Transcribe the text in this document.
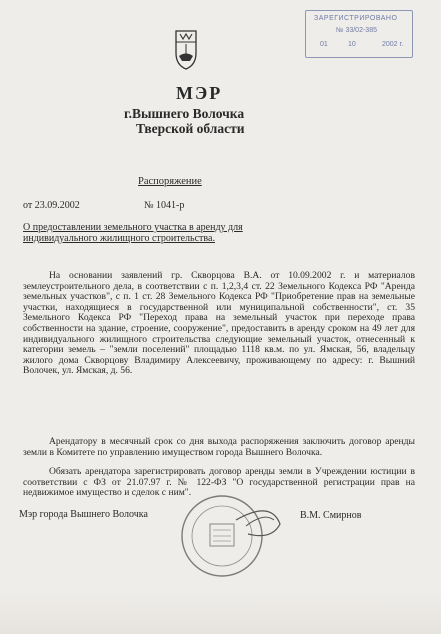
ЗАРЕГИСТРИРОВАНО
№ 33/02-385
01	10	2002 г.
МЭР
г.Вышнего Волочка
Тверской области
Распоряжение
от 23.09.2002	№ 1041-р
О предоставлении земельного участка в аренду для индивидуального жилищного строительства.
На основании заявлений гр. Скворцова В.А. от 10.09.2002 г. и материалов землеустроительного дела, в соответствии с п. 1,2,3,4 ст. 22 Земельного Кодекса РФ "Аренда земельных участков", с п. 1 ст. 28 Земельного Кодекса РФ "Приобретение прав на земельные участки, находящиеся в государственной или муниципальной собственности", ст. 35 Земельного Кодекса РФ "Переход права на земельный участок при переходе права собственности на здание, строение, сооружение", предоставить в аренду сроком на 49 лет для индивидуального жилищного строительства следующие земельный участок, отнесенный к категории земель – "земли поселений" площадью 1118 кв.м. по ул. Ямская, 56, владельцу жилого дома Скворцову Владимиру Алексеевичу, проживающему по адресу: г. Вышний Волочек, ул. Ямская, д. 56.
Арендатору в месячный срок со дня выхода распоряжения заключить договор аренды земли в Комитете по управлению имуществом города Вышнего Волочка.
Обязать арендатора зарегистрировать договор аренды земли в Учреждении юстиции в соответствии с ФЗ от 21.07.97 г. № 122-ФЗ "О государственной регистрации прав на недвижимое имущество и сделок с ним".
Мэр города Вышнего Волочка	В.М. Смирнов
